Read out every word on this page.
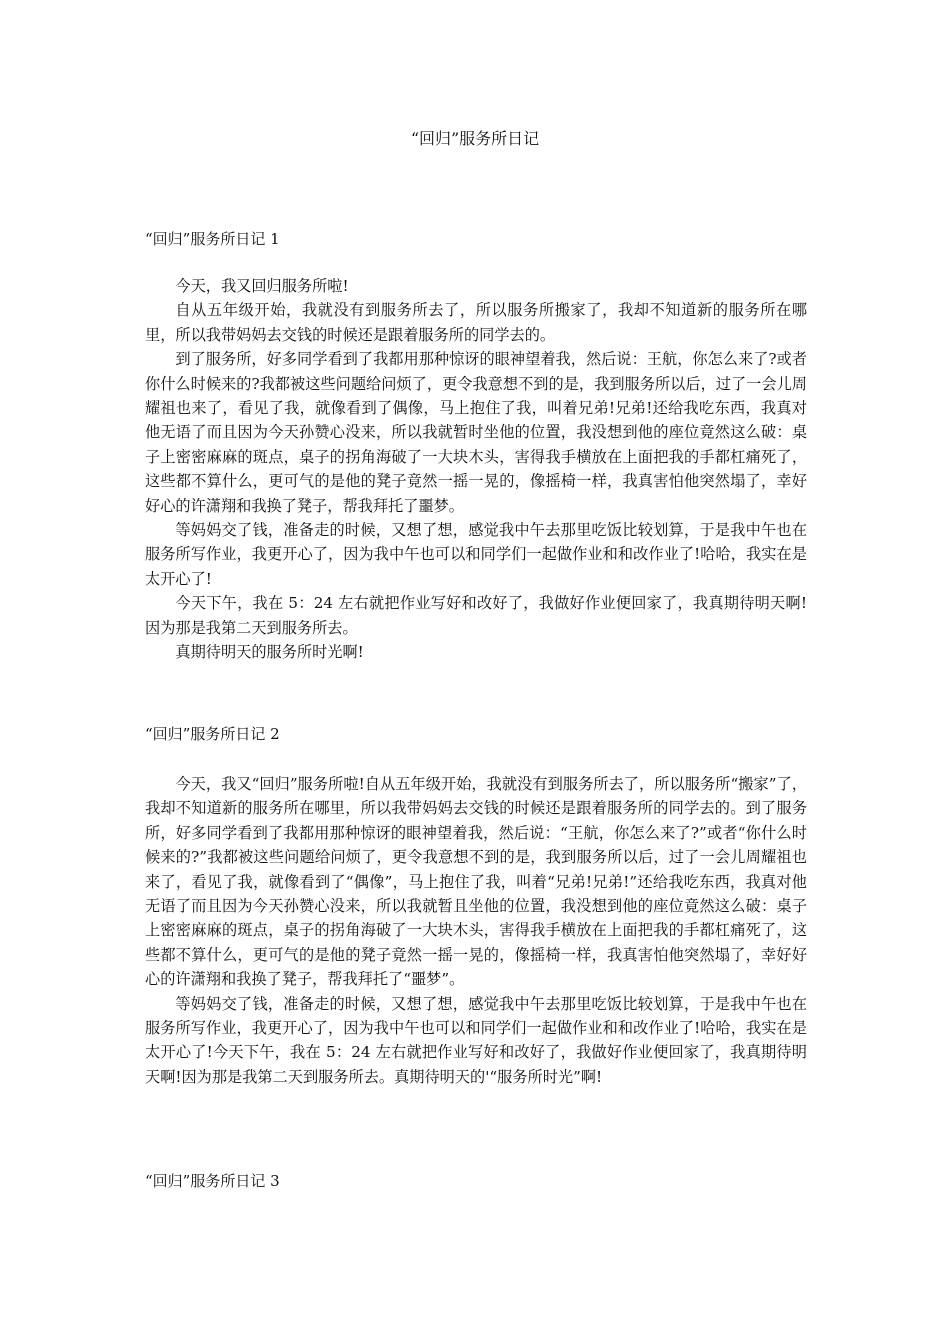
“回归”服务所日记
“回归”服务所日记 1

今天，我又回归服务所啦!

自从五年级开始，我就没有到服务所去了，所以服务所搬家了，我却不知道新的服务所在哪里，所以我带妈妈去交钱的时候还是跟着服务所的同学去的。

到了服务所，好多同学看到了我都用那种惊讶的眼神望着我，然后说：王航，你怎么来了?或者你什么时候来的?我都被这些问题给问烦了，更令我意想不到的是，我到服务所以后，过了一会儿周耀祖也来了，看见了我，就像看到了偶像，马上抱住了我，叫着兄弟!兄弟!还给我吃东西，我真对他无语了而且因为今天孙赞心没来，所以我就暂时坐他的位置，我没想到他的座位竟然这么破：桌子上密密麻麻的斑点，桌子的拐角海破了一大块木头，害得我手横放在上面把我的手都杠痛死了，这些都不算什么，更可气的是他的凳子竟然一摇一晃的，像摇椅一样，我真害怕他突然塌了，幸好好心的许潇翔和我换了凳子，帮我拜托了噩梦。

等妈妈交了钱，准备走的时候，又想了想，感觉我中午去那里吃饭比较划算，于是我中午也在服务所写作业，我更开心了，因为我中午也可以和同学们一起做作业和和改作业了!哈哈，我实在是太开心了!

今天下午，我在 5：24 左右就把作业写好和改好了，我做好作业便回家了，我真期待明天啊!因为那是我第二天到服务所去。

真期待明天的服务所时光啊!

“回归”服务所日记 2

今天，我又“回归”服务所啦!自从五年级开始，我就没有到服务所去了，所以服务所“搬家”了，我却不知道新的服务所在哪里，所以我带妈妈去交钱的时候还是跟着服务所的同学去的。到了服务所，好多同学看到了我都用那种惊讶的眼神望着我，然后说：“王航，你怎么来了?”或者“你什么时候来的?”我都被这些问题给问烦了，更令我意想不到的是，我到服务所以后，过了一会儿周耀祖也来了，看见了我，就像看到了“偶像”，马上抱住了我，叫着“兄弟!兄弟!”还给我吃东西，我真对他无语了而且因为今天孙赞心没来，所以我就暂且坐他的位置，我没想到他的座位竟然这么破：桌子上密密麻麻的斑点，桌子的拐角海破了一大块木头，害得我手横放在上面把我的手都杠痛死了，这些都不算什么，更可气的是他的凳子竟然一摇一晃的，像摇椅一样，我真害怕他突然塌了，幸好好心的许潇翔和我换了凳子，帮我拜托了“噩梦”。

等妈妈交了钱，准备走的时候，又想了想，感觉我中午去那里吃饭比较划算，于是我中午也在服务所写作业，我更开心了，因为我中午也可以和同学们一起做作业和和改作业了!哈哈，我实在是太开心了!今天下午，我在 5：24 左右就把作业写好和改好了，我做好作业便回家了，我真期待明天啊!因为那是我第二天到服务所去。真期待明天的'“服务所时光”啊!

“回归”服务所日记 3
